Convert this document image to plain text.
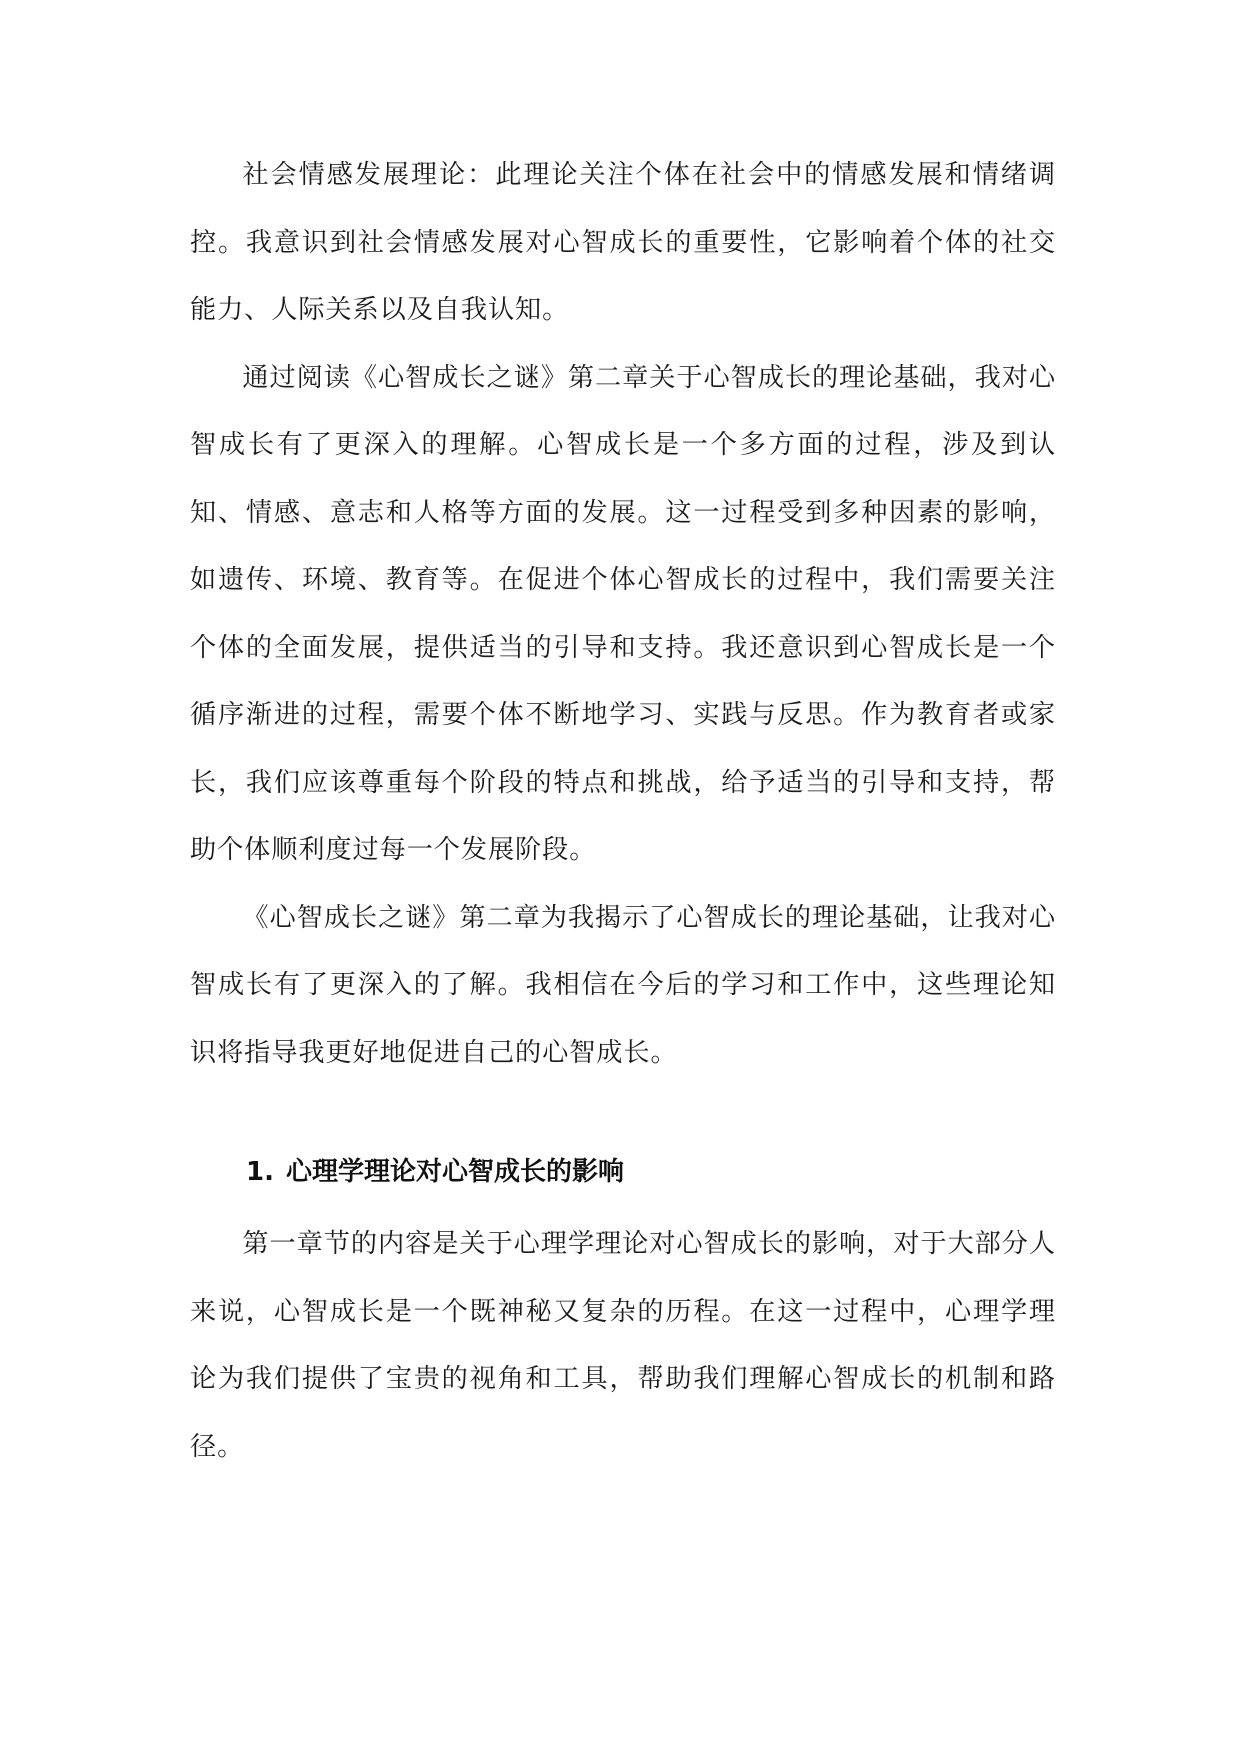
社会情感发展理论：此理论关注个体在社会中的情感发展和情绪调控。我意识到社会情感发展对心智成长的重要性，它影响着个体的社交能力、人际关系以及自我认知。

通过阅读《心智成长之谜》第二章关于心智成长的理论基础，我对心智成长有了更深入的理解。心智成长是一个多方面的过程，涉及到认知、情感、意志和人格等方面的发展。这一过程受到多种因素的影响，如遗传、环境、教育等。在促进个体心智成长的过程中，我们需要关注个体的全面发展，提供适当的引导和支持。我还意识到心智成长是一个循序渐进的过程，需要个体不断地学习、实践与反思。作为教育者或家长，我们应该尊重每个阶段的特点和挑战，给予适当的引导和支持，帮助个体顺利度过每一个发展阶段。

《心智成长之谜》第二章为我揭示了心智成长的理论基础，让我对心智成长有了更深入的了解。我相信在今后的学习和工作中，这些理论知识将指导我更好地促进自己的心智成长。

1. 心理学理论对心智成长的影响

第一章节的内容是关于心理学理论对心智成长的影响，对于大部分人来说，心智成长是一个既神秘又复杂的历程。在这一过程中，心理学理论为我们提供了宝贵的视角和工具，帮助我们理解心智成长的机制和路径。
